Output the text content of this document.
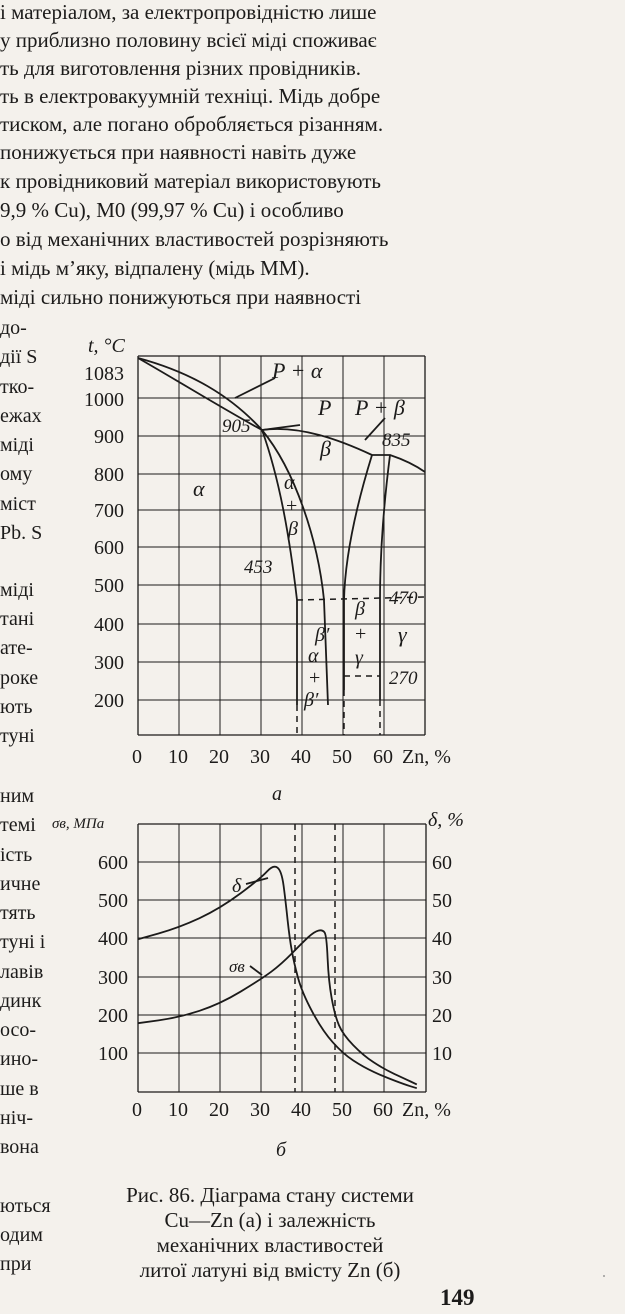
і матеріалом, за електропровідністю лише
у приблизно половину всієї міді споживає
ть для виготовлення різних провідників.
ть в електровакуумній техніці. Мідь добре
тиском, але погано обробляється різанням.
понижується при наявності навіть дуже
к провідниковий матеріал використовують
9,9 % Cu), М0 (99,97 % Cu) і особливо
о від механічних властивостей розрізняють
і мідь м’яку, відпалену (мідь ММ).
міді сильно понижуються при наявності
до-
дії S
тко-
ежах
міді
ому
міст
Pb. S
міді
тані
ате-
роке
ють
туні
ним
темі
ість
ичне
тять
туні і
лавів
динк
осо-
ино-
ше в
ніч-
вона
ються
одим
при
t, °C
1083
1000
900
800
700
600
500
400
300
200
0 10 20 30 40 50 60 Zn, %
а
P + α
P P + β
β
α	α
+
β
β
+
β′
γ
γ
α
+
β′
905
835
453
470
270
σв, МПа	δ, %
600
500
400
300
200
100
60
50
40
30
20
10
0 10 20 30 40 50 60 Zn, %
б
δ
σв
Рис. 86. Діаграма стану системи
Cu—Zn (а) і залежність
механічних властивостей
литої латуні від вмісту Zn (б)
149
